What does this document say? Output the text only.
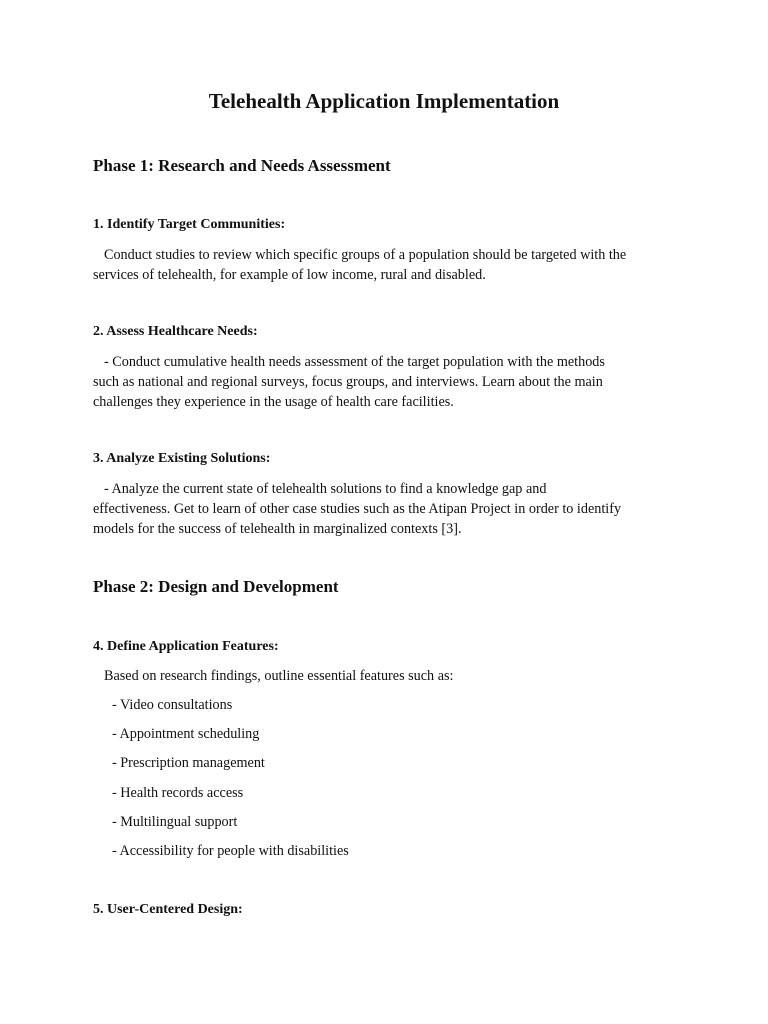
Telehealth Application Implementation
Phase 1: Research and Needs Assessment
1. Identify Target Communities:
Conduct studies to review which specific groups of a population should be targeted with the
services of telehealth, for example of low income, rural and disabled.
2. Assess Healthcare Needs:
- Conduct cumulative health needs assessment of the target population with the methods
such as national and regional surveys, focus groups, and interviews. Learn about the main
challenges they experience in the usage of health care facilities.
3. Analyze Existing Solutions:
- Analyze the current state of telehealth solutions to find a knowledge gap and
effectiveness. Get to learn of other case studies such as the Atipan Project in order to identify
models for the success of telehealth in marginalized contexts [3].
Phase 2: Design and Development
4. Define Application Features:
Based on research findings, outline essential features such as:
- Video consultations
- Appointment scheduling
- Prescription management
- Health records access
- Multilingual support
- Accessibility for people with disabilities
5. User-Centered Design:
